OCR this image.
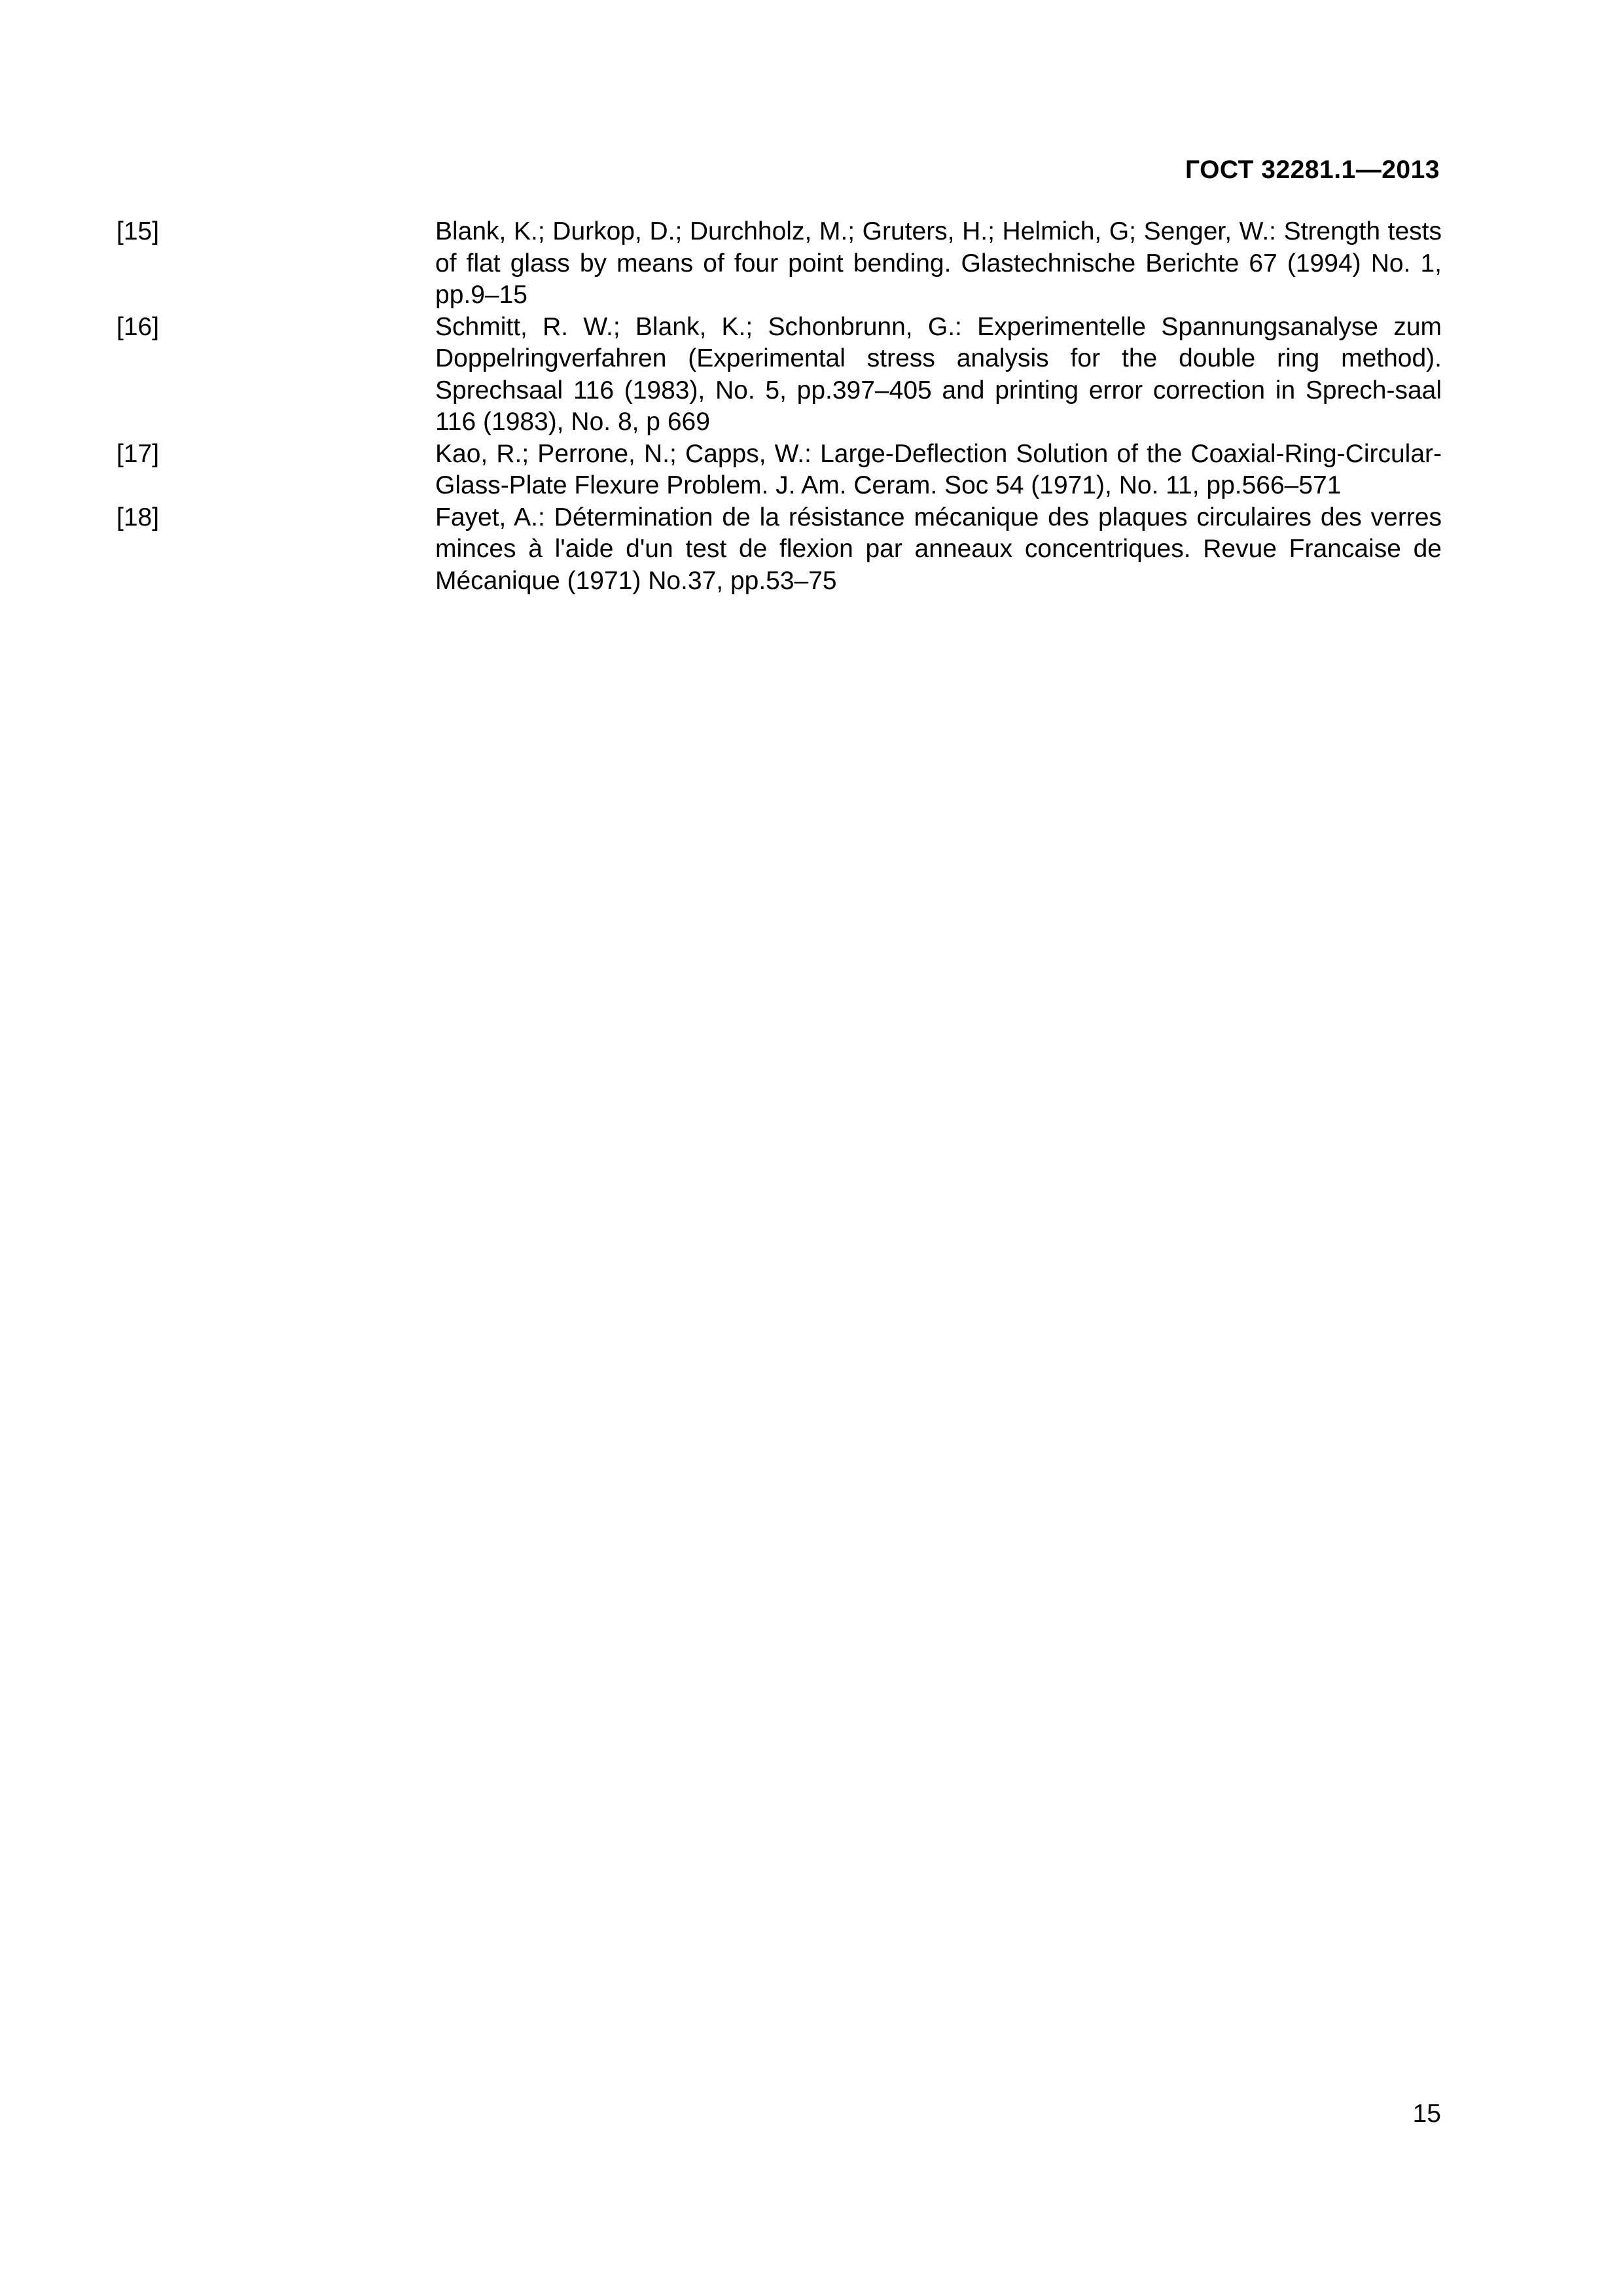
ГОСТ 32281.1—2013
[15]	Blank, K.; Durkop, D.; Durchholz, M.; Gruters, H.; Helmich, G; Senger, W.: Strength tests of flat glass by means of four point bending. Glastechnische Berichte 67 (1994) No. 1, pp.9–15
[16]	Schmitt, R. W.; Blank, K.; Schonbrunn, G.: Experimentelle Spannungsanalyse zum Doppelringverfahren (Experimental stress analysis for the double ring method). Sprechsaal 116 (1983), No. 5, pp.397–405 and printing error correction in Sprech-saal 116 (1983), No. 8, p 669
[17]	Kao, R.; Perrone, N.; Capps, W.: Large-Deflection Solution of the Coaxial-Ring-Circular-Glass-Plate Flexure Problem. J. Am. Ceram. Soc 54 (1971), No. 11, pp.566–571
[18]	Fayet, A.: Détermination de la résistance mécanique des plaques circulaires des verres minces à l'aide d'un test de flexion par anneaux concentriques. Revue Francaise de Mécanique (1971) No.37, pp.53–75
15
